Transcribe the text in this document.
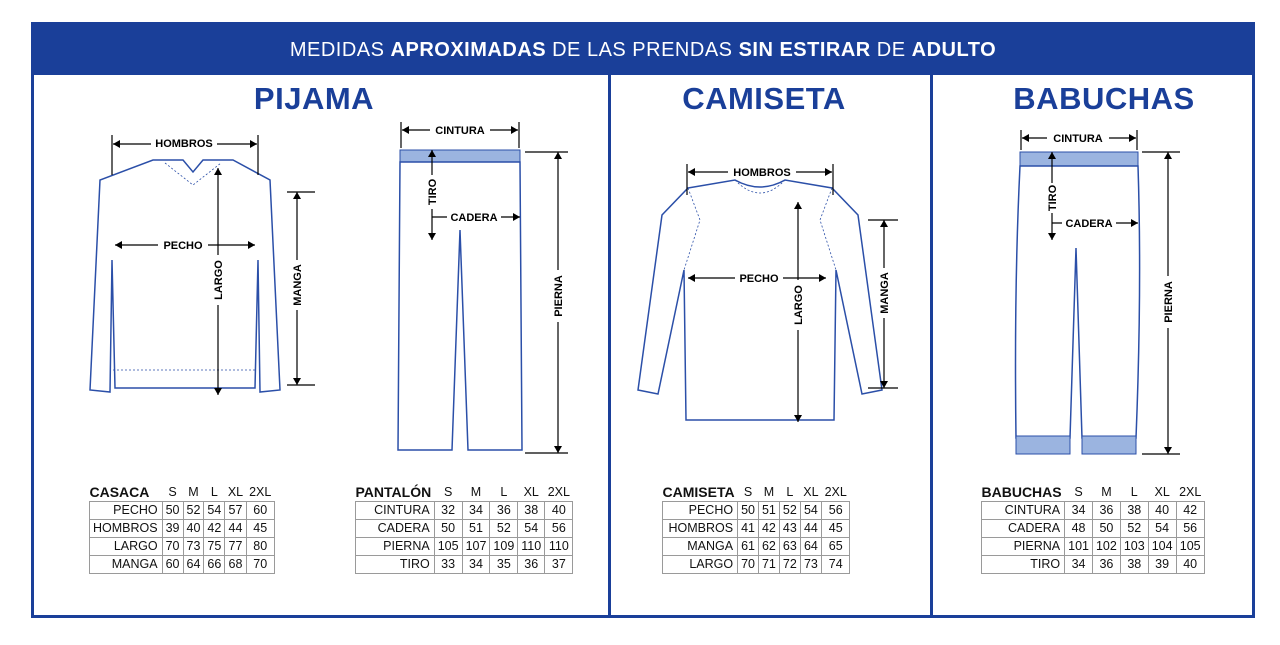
MEDIDAS APROXIMADAS DE LAS PRENDAS SIN ESTIRAR DE ADULTO
PIJAMA	CAMISETA	BABUCHAS
HOMBROS
PECHO
LARGO	MANGA
CINTURA
TIRO
CADERA
PIERNA
HOMBROS
PECHO
LARGO	MANGA
CINTURA
TIRO
CADERA
PIERNA
CASACA	S	M	L	XL	2XL
PECHO	50	52	54	57	60
HOMBROS	39	40	42	44	45
LARGO	70	73	75	77	80
MANGA	60	64	66	68	70
PANTALÓN	S	M	L	XL	2XL
CINTURA	32	34	36	38	40
CADERA	50	51	52	54	56
PIERNA	105	107	109	110	110
TIRO	33	34	35	36	37
CAMISETA	S	M	L	XL	2XL
PECHO	50	51	52	54	56
HOMBROS	41	42	43	44	45
MANGA	61	62	63	64	65
LARGO	70	71	72	73	74
BABUCHAS	S	M	L	XL	2XL
CINTURA	34	36	38	40	42
CADERA	48	50	52	54	56
PIERNA	101	102	103	104	105
TIRO	34	36	38	39	40
